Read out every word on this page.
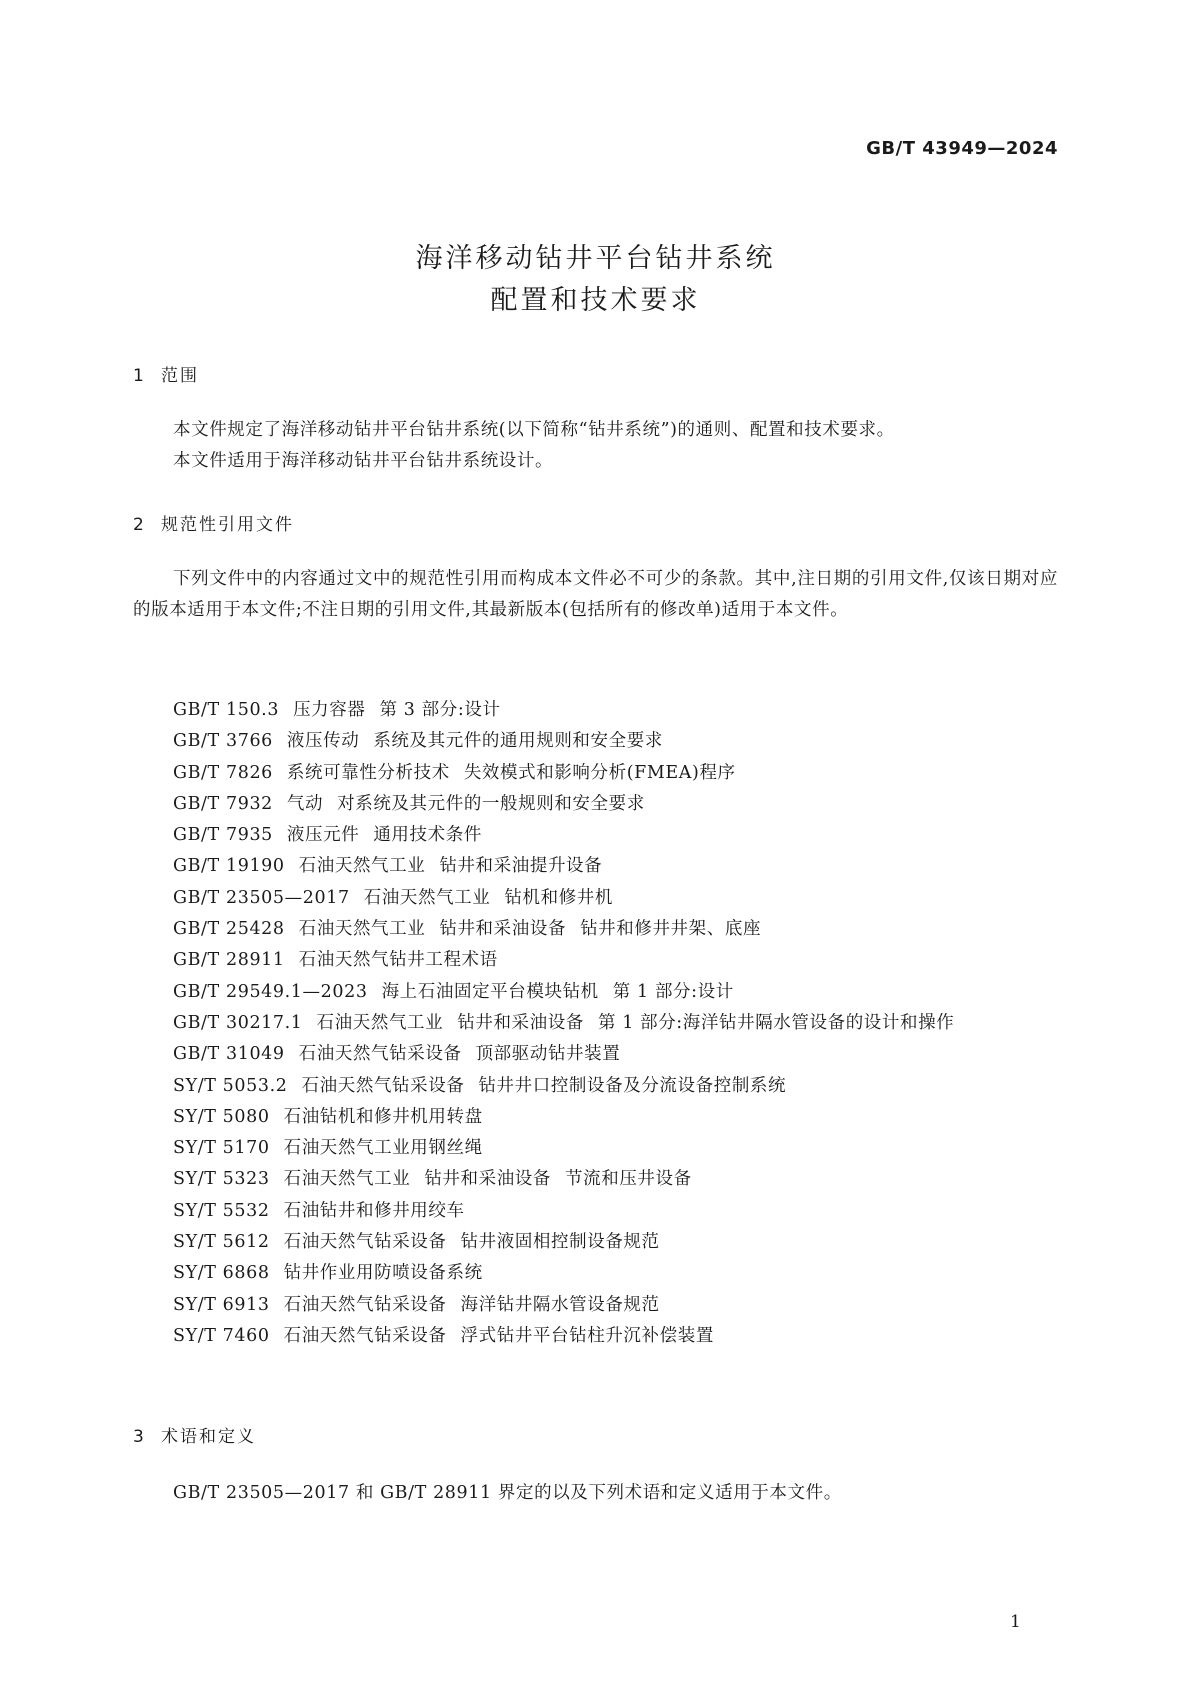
GB/T 43949—2024
海洋移动钻井平台钻井系统
配置和技术要求
1 范围
本文件规定了海洋移动钻井平台钻井系统(以下简称“钻井系统”)的通则、配置和技术要求。
本文件适用于海洋移动钻井平台钻井系统设计。
2 规范性引用文件
下列文件中的内容通过文中的规范性引用而构成本文件必不可少的条款。其中,注日期的引用文件,仅该日期对应的版本适用于本文件;不注日期的引用文件,其最新版本(包括所有的修改单)适用于本文件。
GB/T 150.3 压力容器 第 3 部分:设计
GB/T 3766 液压传动 系统及其元件的通用规则和安全要求
GB/T 7826 系统可靠性分析技术 失效模式和影响分析(FMEA)程序
GB/T 7932 气动 对系统及其元件的一般规则和安全要求
GB/T 7935 液压元件 通用技术条件
GB/T 19190 石油天然气工业 钻井和采油提升设备
GB/T 23505—2017 石油天然气工业 钻机和修井机
GB/T 25428 石油天然气工业 钻井和采油设备 钻井和修井井架、底座
GB/T 28911 石油天然气钻井工程术语
GB/T 29549.1—2023 海上石油固定平台模块钻机 第 1 部分:设计
GB/T 30217.1 石油天然气工业 钻井和采油设备 第 1 部分:海洋钻井隔水管设备的设计和操作
GB/T 31049 石油天然气钻采设备 顶部驱动钻井装置
SY/T 5053.2 石油天然气钻采设备 钻井井口控制设备及分流设备控制系统
SY/T 5080 石油钻机和修井机用转盘
SY/T 5170 石油天然气工业用钢丝绳
SY/T 5323 石油天然气工业 钻井和采油设备 节流和压井设备
SY/T 5532 石油钻井和修井用绞车
SY/T 5612 石油天然气钻采设备 钻井液固相控制设备规范
SY/T 6868 钻井作业用防喷设备系统
SY/T 6913 石油天然气钻采设备 海洋钻井隔水管设备规范
SY/T 7460 石油天然气钻采设备 浮式钻井平台钻柱升沉补偿装置
3 术语和定义
GB/T 23505—2017 和 GB/T 28911 界定的以及下列术语和定义适用于本文件。
1
